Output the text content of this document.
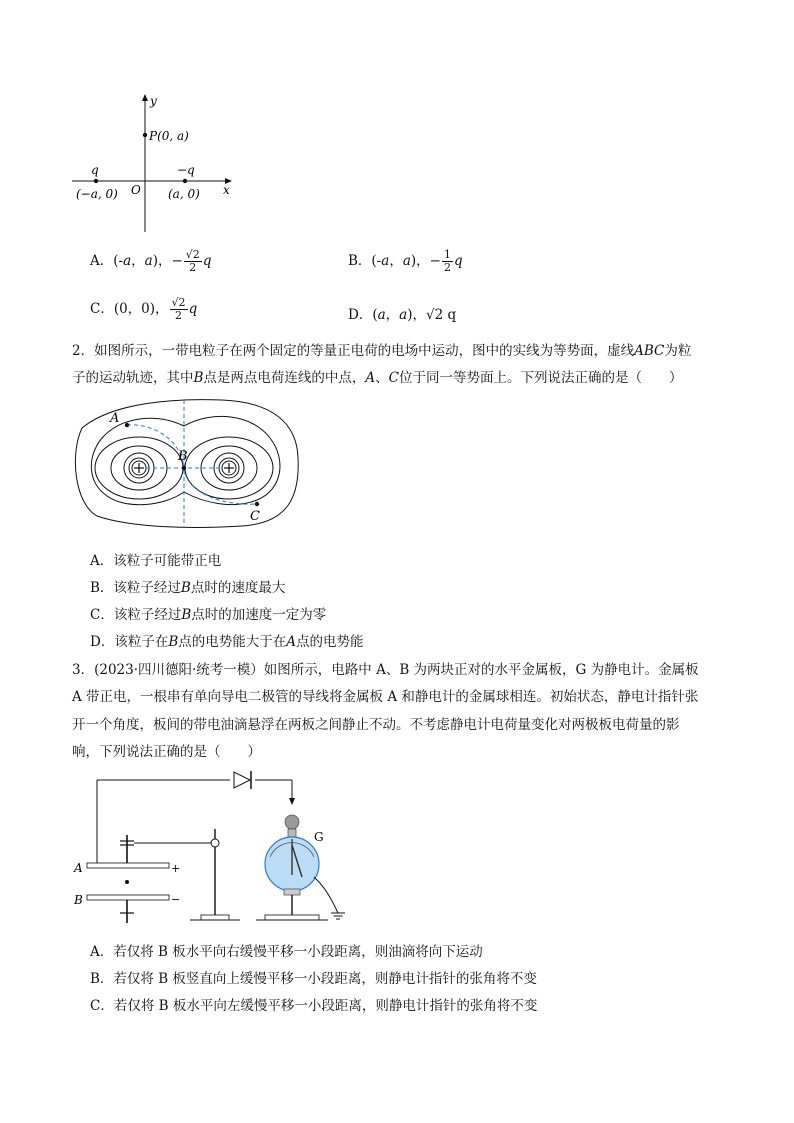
y
x
O
P(0, a)
q	−q
(−a, 0)	(a, 0)
A．(-a，a)，− $\frac{√2}{2}$ q	B．(-a，a)，− $\frac{1}{2}$ q
C．(0，0)， $\frac{√2}{2}$ q	D．(a，a)，√2 q
2．如图所示，一带电粒子在两个固定的等量正电荷的电场中运动，图中的实线为等势面，虚线ABC为粒
子的运动轨迹，其中B点是两点电荷连线的中点，A、C位于同一等势面上。下列说法正确的是（　　）
A
B
C
A．该粒子可能带正电
B．该粒子经过B点时的速度最大
C．该粒子经过B点时的加速度一定为零
D．该粒子在B点的电势能大于在A点的电势能
3．(2023·四川德阳·统考一模）如图所示，电路中 A、B 为两块正对的水平金属板，G 为静电计。金属板
A 带正电，一根串有单向导电二极管的导线将金属板 A 和静电计的金属球相连。初始状态，静电计指针张
开一个角度，板间的带电油滴悬浮在两板之间静止不动。不考虑静电计电荷量变化对两极板电荷量的影
响，下列说法正确的是（　　）
A
B
G
+
−
A．若仅将 B 板水平向右缓慢平移一小段距离，则油滴将向下运动
B．若仅将 B 板竖直向上缓慢平移一小段距离，则静电计指针的张角将不变
C．若仅将 B 板水平向左缓慢平移一小段距离，则静电计指针的张角将不变
